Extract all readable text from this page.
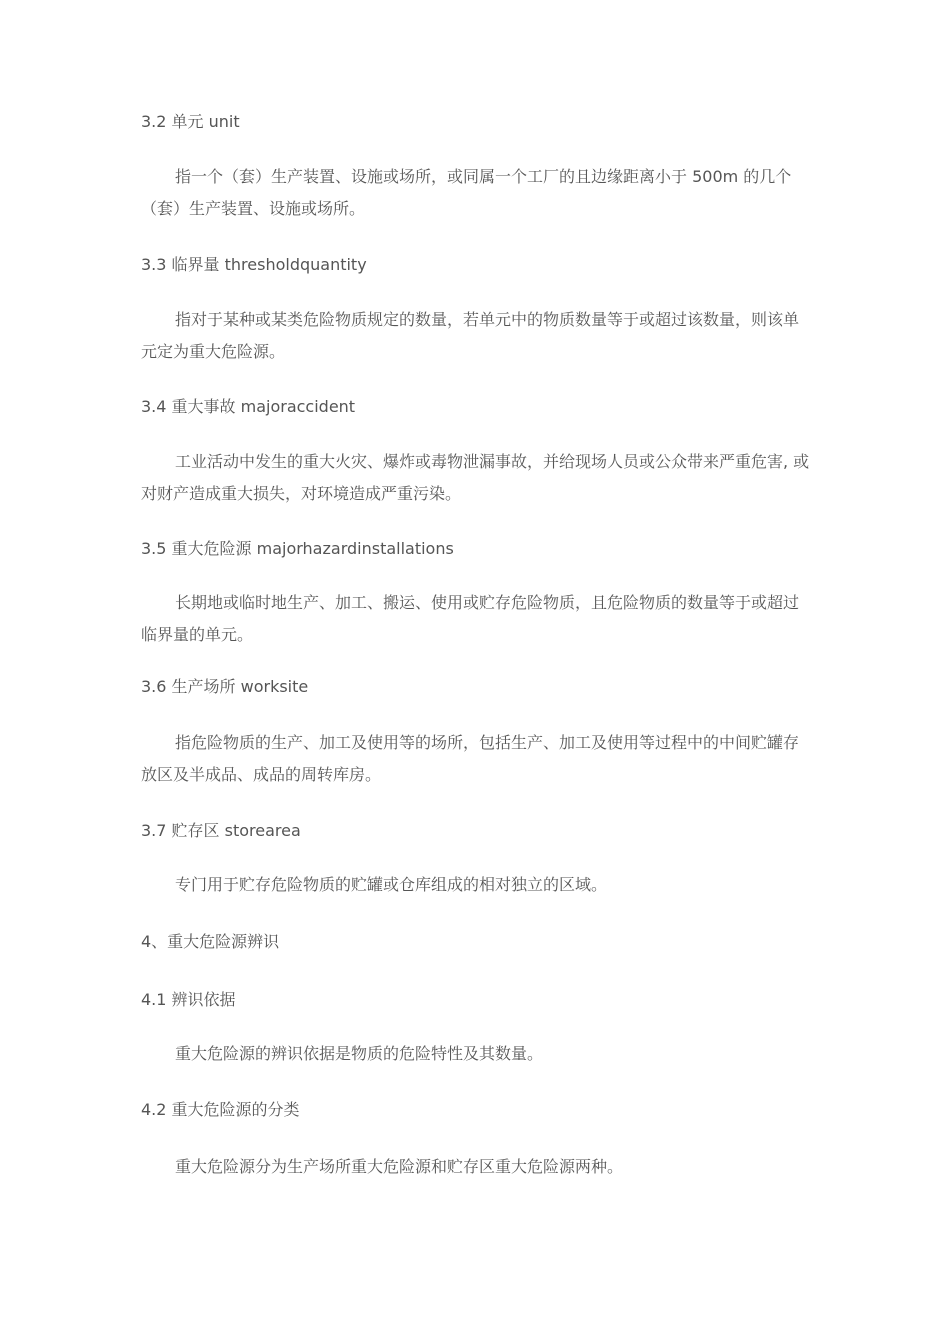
3.2 单元 unit

指一个（套）生产装置、设施或场所，或同属一个工厂的且边缘距离小于 500m 的几个（套）生产装置、设施或场所。

3.3 临界量 thresholdquantity

指对于某种或某类危险物质规定的数量，若单元中的物质数量等于或超过该数量，则该单元定为重大危险源。

3.4 重大事故 majoraccident

工业活动中发生的重大火灾、爆炸或毒物泄漏事故，并给现场人员或公众带来严重危害, 或对财产造成重大损失，对环境造成严重污染。

3.5 重大危险源 majorhazardinstallations

长期地或临时地生产、加工、搬运、使用或贮存危险物质，且危险物质的数量等于或超过临界量的单元。

3.6 生产场所 worksite

指危险物质的生产、加工及使用等的场所，包括生产、加工及使用等过程中的中间贮罐存放区及半成品、成品的周转库房。

3.7 贮存区 storearea

专门用于贮存危险物质的贮罐或仓库组成的相对独立的区域。

4、重大危险源辨识

4.1 辨识依据

重大危险源的辨识依据是物质的危险特性及其数量。

4.2 重大危险源的分类

重大危险源分为生产场所重大危险源和贮存区重大危险源两种。
